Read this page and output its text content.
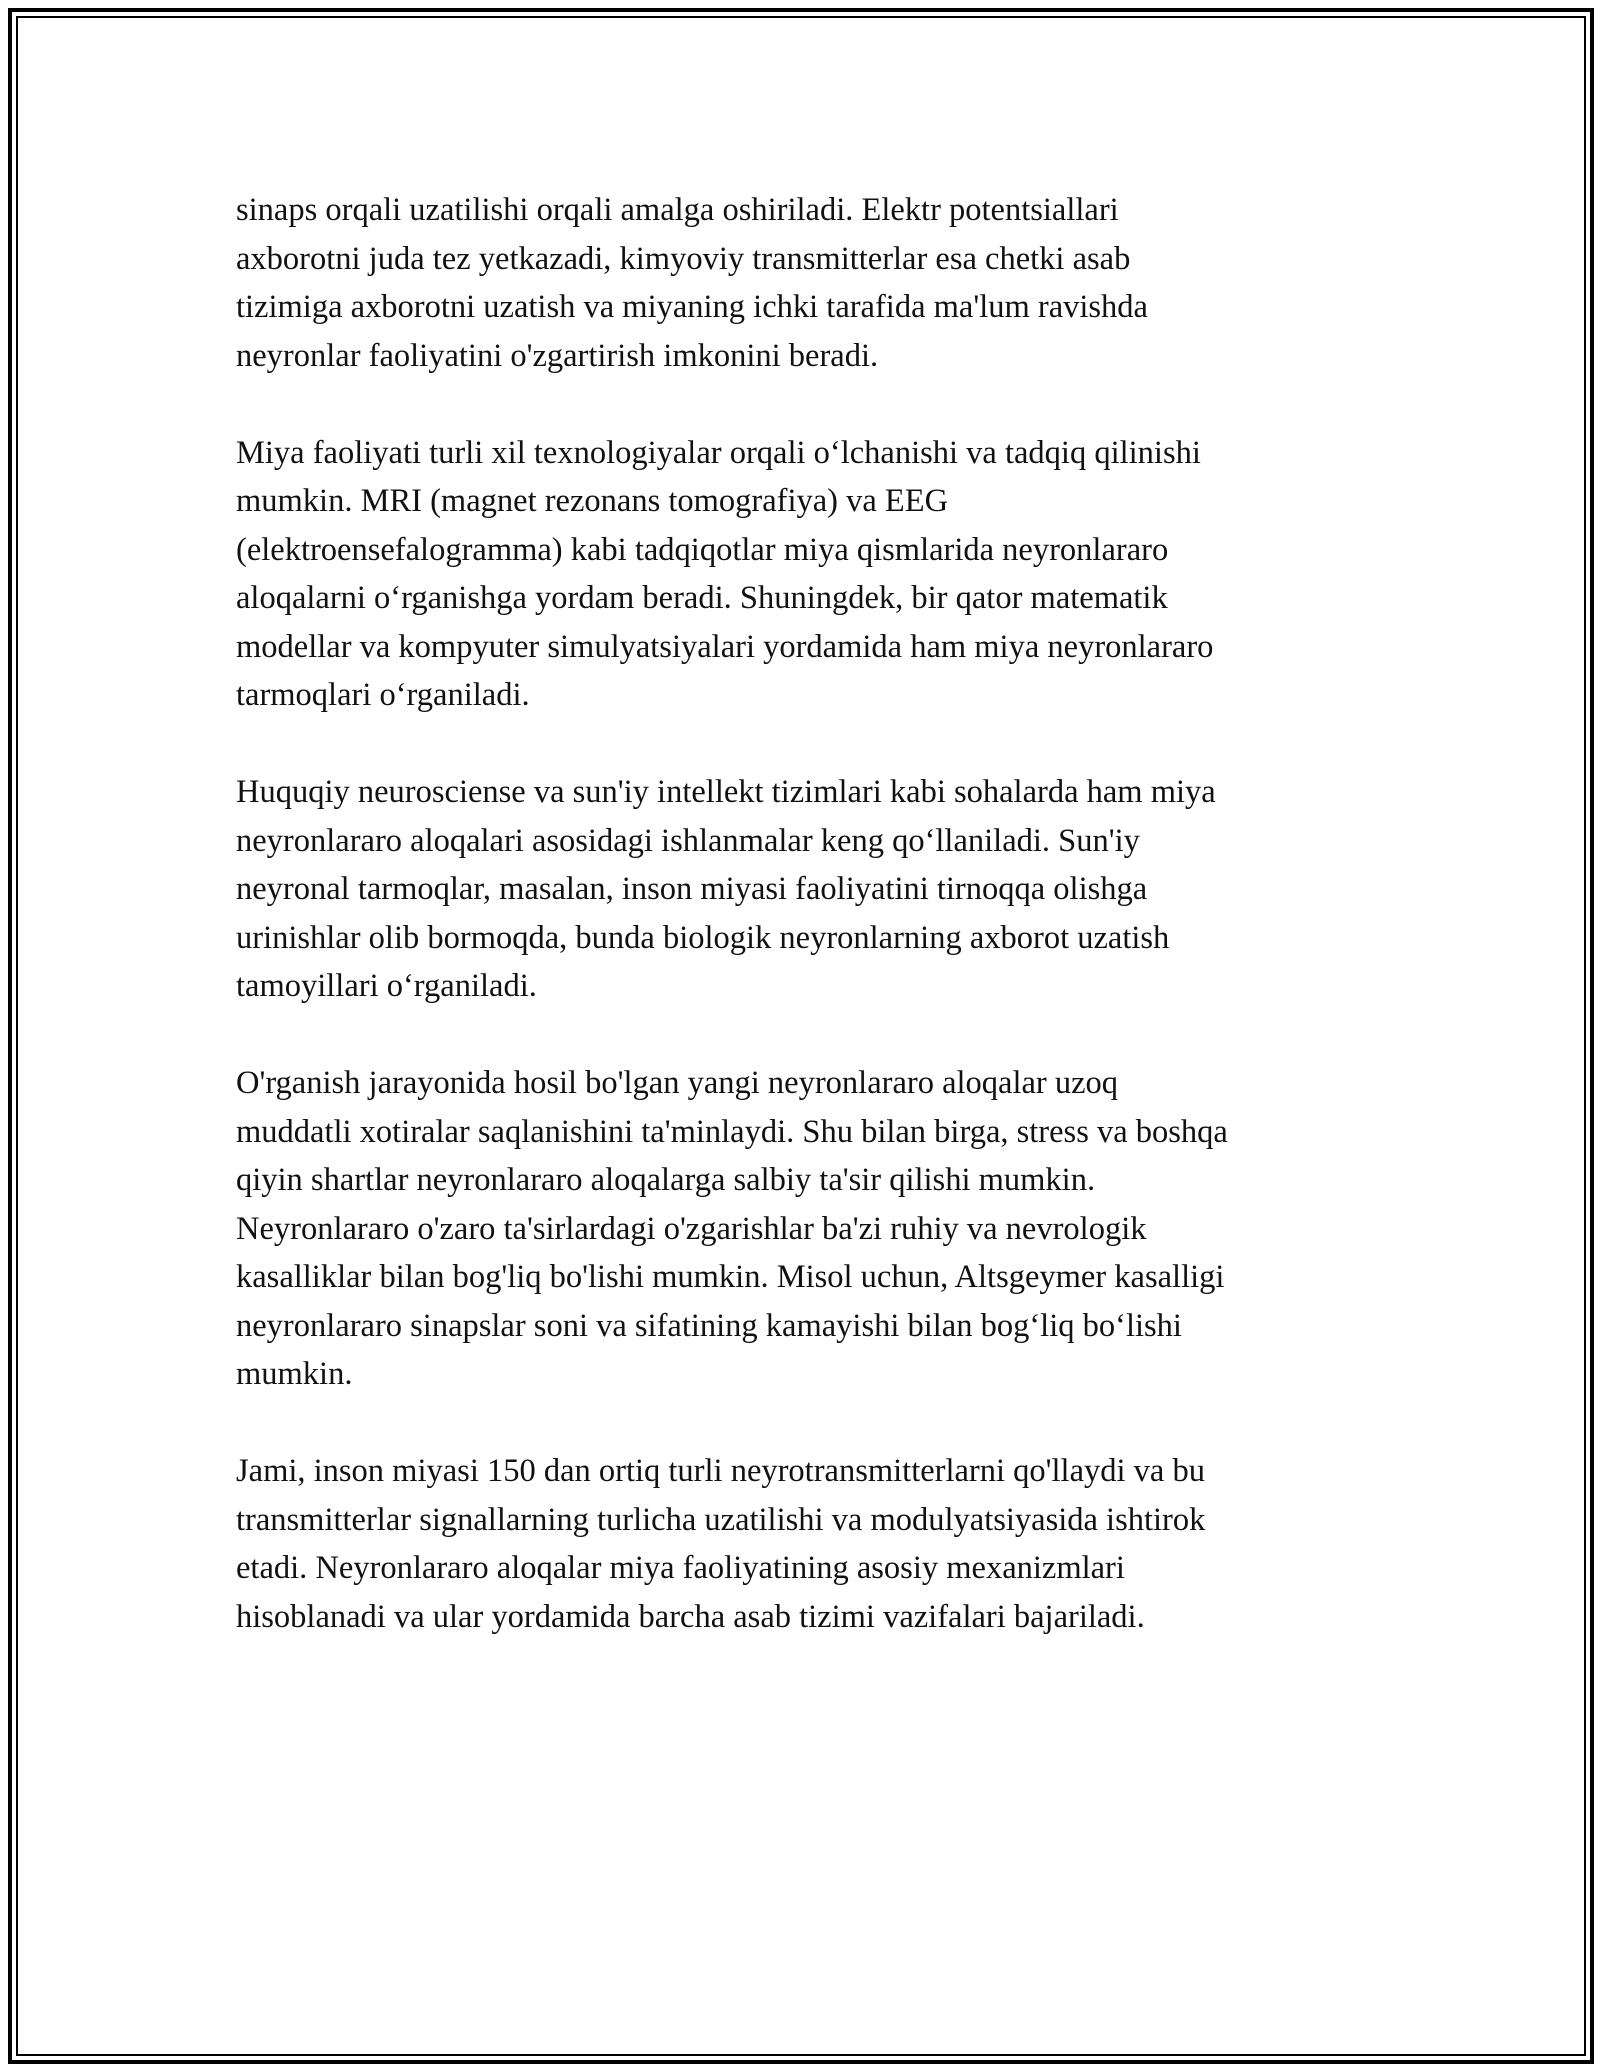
sinaps orqali uzatilishi orqali amalga oshiriladi. Elektr potentsiallari
axborotni juda tez yetkazadi, kimyoviy transmitterlar esa chetki asab
tizimiga axborotni uzatish va miyaning ichki tarafida ma'lum ravishda
neyronlar faoliyatini o'zgartirish imkonini beradi.

Miya faoliyati turli xil texnologiyalar orqali o‘lchanishi va tadqiq qilinishi
mumkin. MRI (magnet rezonans tomografiya) va EEG
(elektroensefalogramma) kabi tadqiqotlar miya qismlarida neyronlararo
aloqalarni o‘rganishga yordam beradi. Shuningdek, bir qator matematik
modellar va kompyuter simulyatsiyalari yordamida ham miya neyronlararo
tarmoqlari o‘rganiladi.

Huquqiy neurosciense va sun'iy intellekt tizimlari kabi sohalarda ham miya
neyronlararo aloqalari asosidagi ishlanmalar keng qo‘llaniladi. Sun'iy
neyronal tarmoqlar, masalan, inson miyasi faoliyatini tirnoqqa olishga
urinishlar olib bormoqda, bunda biologik neyronlarning axborot uzatish
tamoyillari o‘rganiladi.

O'rganish jarayonida hosil bo'lgan yangi neyronlararo aloqalar uzoq
muddatli xotiralar saqlanishini ta'minlaydi. Shu bilan birga, stress va boshqa
qiyin shartlar neyronlararo aloqalarga salbiy ta'sir qilishi mumkin.
Neyronlararo o'zaro ta'sirlardagi o'zgarishlar ba'zi ruhiy va nevrologik
kasalliklar bilan bog'liq bo'lishi mumkin. Misol uchun, Altsgeymer kasalligi
neyronlararo sinapslar soni va sifatining kamayishi bilan bog‘liq bo‘lishi
mumkin.

Jami, inson miyasi 150 dan ortiq turli neyrotransmitterlarni qo'llaydi va bu
transmitterlar signallarning turlicha uzatilishi va modulyatsiyasida ishtirok
etadi. Neyronlararo aloqalar miya faoliyatining asosiy mexanizmlari
hisoblanadi va ular yordamida barcha asab tizimi vazifalari bajariladi.
